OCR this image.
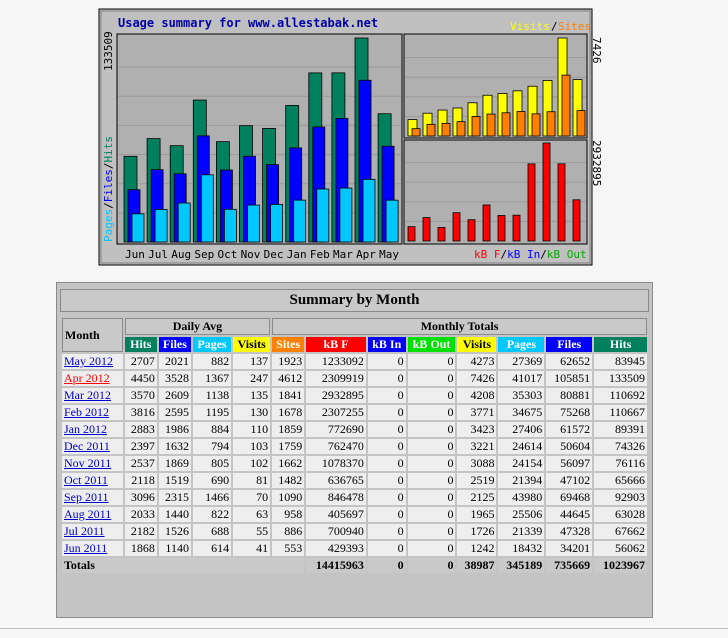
Usage summary for www.allestabak.net	Visits / Sites
Jun Jul Aug Sep Oct Nov Dec Jan Feb Mar Apr May
133509	7426
2932895
Pages/Files/Hits
kB F/kB In/kB Out
Summary by Month
Month	Daily Avg				Monthly Totals							
	Hits	Files	Pages	Visits	Sites	kB F	kB In	kB Out	Visits	Pages	Files	Hits
May 2012	2707	2021	882	137	1923	1233092	0	0	4273	27369	62652	83945
Apr 2012	4450	3528	1367	247	4612	2309919	0	0	7426	41017	105851	133509
Mar 2012	3570	2609	1138	135	1841	2932895	0	0	4208	35303	80881	110692
Feb 2012	3816	2595	1195	130	1678	2307255	0	0	3771	34675	75268	110667
Jan 2012	2883	1986	884	110	1859	772690	0	0	3423	27406	61572	89391
Dec 2011	2397	1632	794	103	1759	762470	0	0	3221	24614	50604	74326
Nov 2011	2537	1869	805	102	1662	1078370	0	0	3088	24154	56097	76116
Oct 2011	2118	1519	690	81	1482	636765	0	0	2519	21394	47102	65666
Sep 2011	3096	2315	1466	70	1090	846478	0	0	2125	43980	69468	92903
Aug 2011	2033	1440	822	63	958	405697	0	0	1965	25506	44645	63028
Jul 2011	2182	1526	688	55	886	700940	0	0	1726	21339	47328	67662
Jun 2011	1868	1140	614	41	553	429393	0	0	1242	18432	34201	56062
Totals						14415963	0	0	38987	345189	735669	1023967
